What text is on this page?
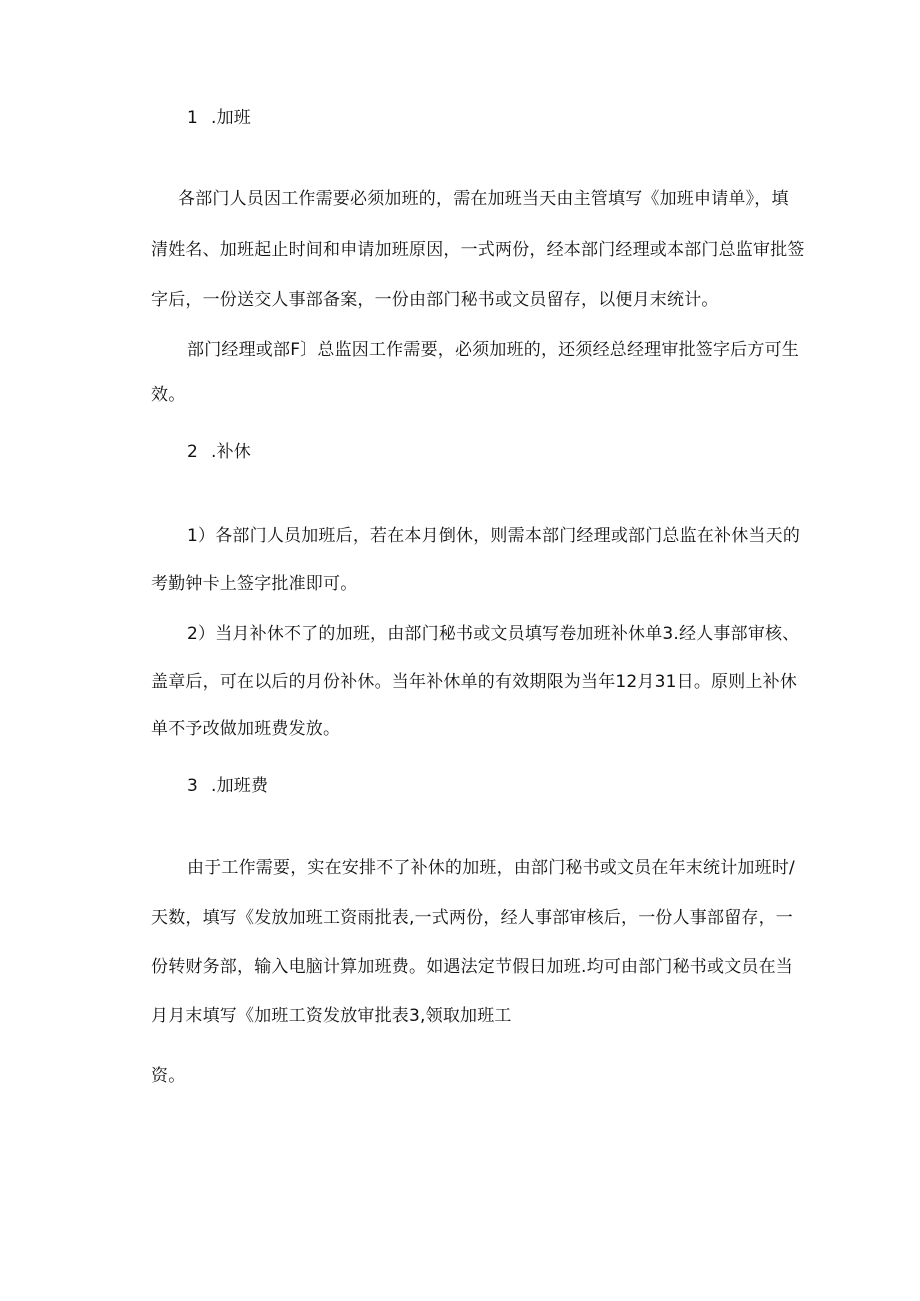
1 .加班
各部门人员因工作需要必须加班的，需在加班当天由主管填写《加班申请单》，填
清姓名、加班起止时间和申请加班原因，一式两份，经本部门经理或本部门总监审批签
字后，一份送交人事部备案，一份由部门秘书或文员留存，以便月末统计。
部门经理或部F〕总监因工作需要，必须加班的，还须经总经理审批签字后方可生
效。
2 .补休
1）各部门人员加班后，若在本月倒休，则需本部门经理或部门总监在补休当天的
考勤钟卡上签字批准即可。
2）当月补休不了的加班，由部门秘书或文员填写卷加班补休单3.经人事部审核、
盖章后，可在以后的月份补休。当年补休单的有效期限为当年12月31日。原则上补休
单不予改做加班费发放。
3 .加班费
由于工作需要，实在安排不了补休的加班，由部门秘书或文员在年末统计加班时/
天数，填写《发放加班工资雨批表,一式两份，经人事部审核后，一份人事部留存，一
份转财务部，输入电脑计算加班费。如遇法定节假日加班.均可由部门秘书或文员在当
月月末填写《加班工资发放审批表3,领取加班工
资。
